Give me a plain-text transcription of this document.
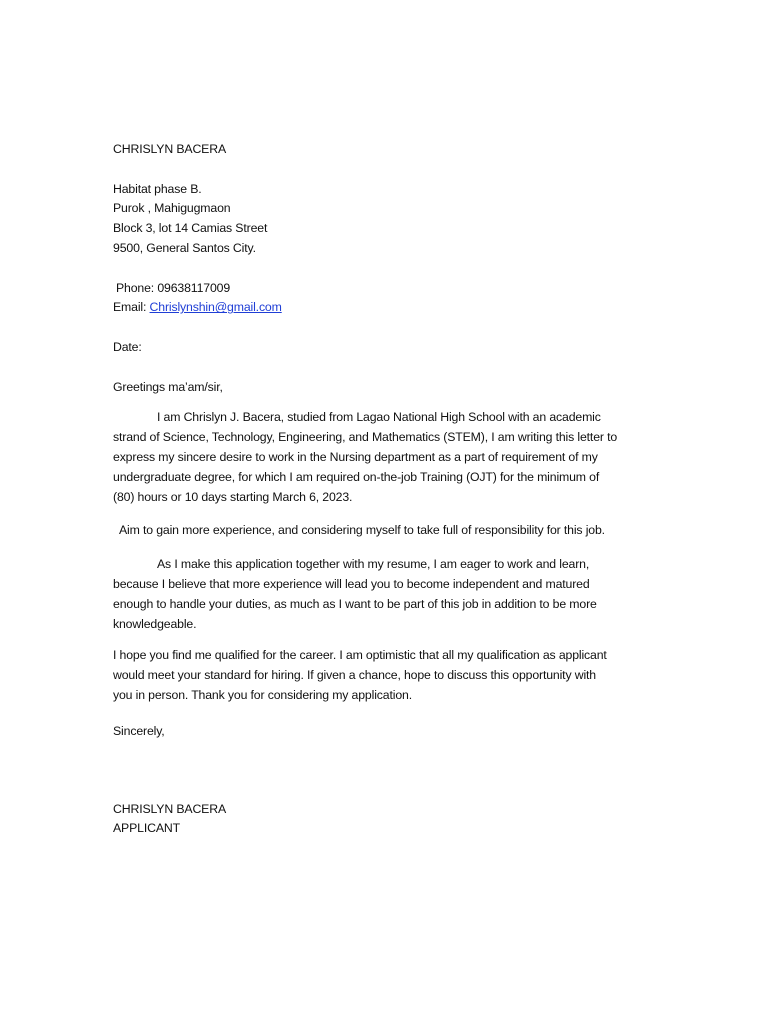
CHRISLYN BACERA
Habitat phase B.
Purok , Mahigugmaon
Block 3, lot 14 Camias Street
9500, General Santos City.
Phone: 09638117009
Email: Chrislynshin@gmail.com
Date:
Greetings ma’am/sir,

I am Chrislyn J. Bacera, studied from Lagao National High School with an academic
strand of Science, Technology, Engineering, and Mathematics (STEM), I am writing this letter to
express my sincere desire to work in the Nursing department as a part of requirement of my
undergraduate degree, for which I am required on-the-job Training (OJT) for the minimum of
(80) hours or 10 days starting March 6, 2023.

Aim to gain more experience, and considering myself to take full of responsibility for this job.

As I make this application together with my resume, I am eager to work and learn,
because I believe that more experience will lead you to become independent and matured
enough to handle your duties, as much as I want to be part of this job in addition to be more
knowledgeable.

I hope you find me qualified for the career. I am optimistic that all my qualification as applicant
would meet your standard for hiring. If given a chance, hope to discuss this opportunity with
you in person. Thank you for considering my application.

Sincerely,

CHRISLYN BACERA
APPLICANT
